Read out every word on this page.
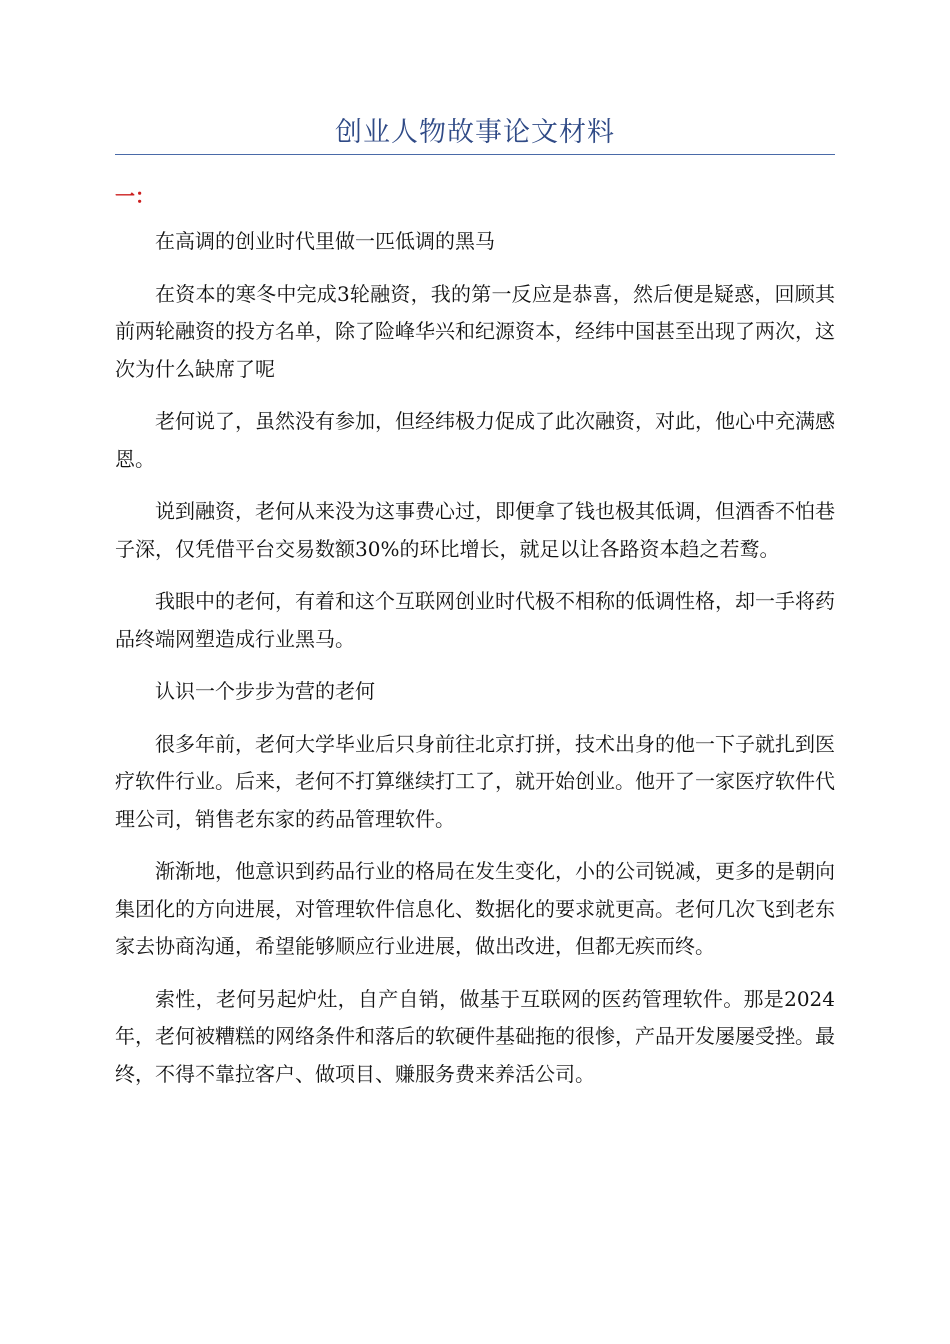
创业人物故事论文材料
一：

在高调的创业时代里做一匹低调的黑马

在资本的寒冬中完成3轮融资，我的第一反应是恭喜，然后便是疑惑，回顾其前两轮融资的投方名单，除了险峰华兴和纪源资本，经纬中国甚至出现了两次，这次为什么缺席了呢

老何说了，虽然没有参加，但经纬极力促成了此次融资，对此，他心中充满感恩。

说到融资，老何从来没为这事费心过，即便拿了钱也极其低调，但酒香不怕巷子深，仅凭借平台交易数额30%的环比增长，就足以让各路资本趋之若鹜。

我眼中的老何，有着和这个互联网创业时代极不相称的低调性格，却一手将药品终端网塑造成行业黑马。

认识一个步步为营的老何

很多年前，老何大学毕业后只身前往北京打拼，技术出身的他一下子就扎到医疗软件行业。后来，老何不打算继续打工了，就开始创业。他开了一家医疗软件代理公司，销售老东家的药品管理软件。

渐渐地，他意识到药品行业的格局在发生变化，小的公司锐减，更多的是朝向集团化的方向进展，对管理软件信息化、数据化的要求就更高。老何几次飞到老东家去协商沟通，希望能够顺应行业进展，做出改进，但都无疾而终。

索性，老何另起炉灶，自产自销，做基于互联网的医药管理软件。那是2024年，老何被糟糕的网络条件和落后的软硬件基础拖的很惨，产品开发屡屡受挫。最终，不得不靠拉客户、做项目、赚服务费来养活公司。
